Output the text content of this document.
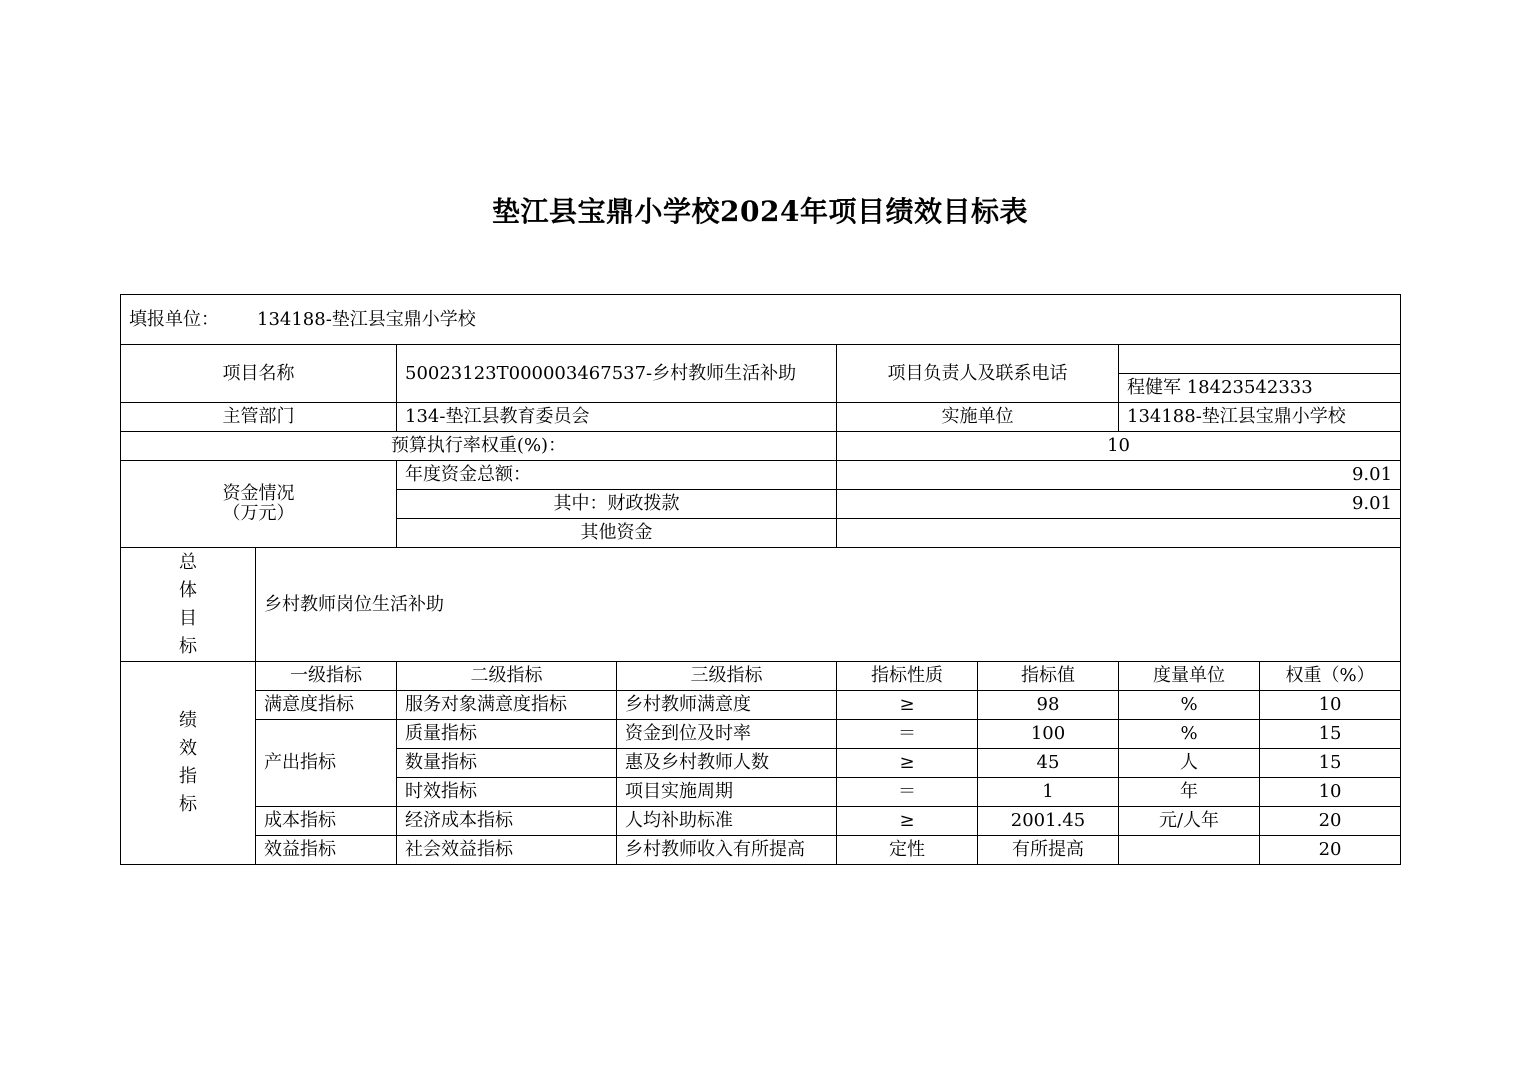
垫江县宝鼎小学校2024年项目绩效目标表
填报单位： 134188-垫江县宝鼎小学校							
项目名称		50023123T000003467537-乡村教师生活补助		项目负责人及联系电话			
						程健军 18423542333	
主管部门		134-垫江县教育委员会		实施单位		134188-垫江县宝鼎小学校	
预算执行率权重(%)：				10			
资金情况
（万元）		年度资金总额：		9.01			
		其中：财政拨款		9.01			
		其他资金					

总
体
目
标	乡村教师岗位生活补助						

绩
效
指
标	一级指标	二级指标	三级指标	指标性质	指标值	度量单位	权重（%）
	满意度指标	服务对象满意度指标	乡村教师满意度	≥	98	%	10
	产出指标	质量指标	资金到位及时率	＝	100	%	15
		数量指标	惠及乡村教师人数	≥	45	人	15
		时效指标	项目实施周期	＝	1	年	10
	成本指标	经济成本指标	人均补助标准	≥	2001.45	元/人年	20
	效益指标	社会效益指标	乡村教师收入有所提高	定性	有所提高		20
